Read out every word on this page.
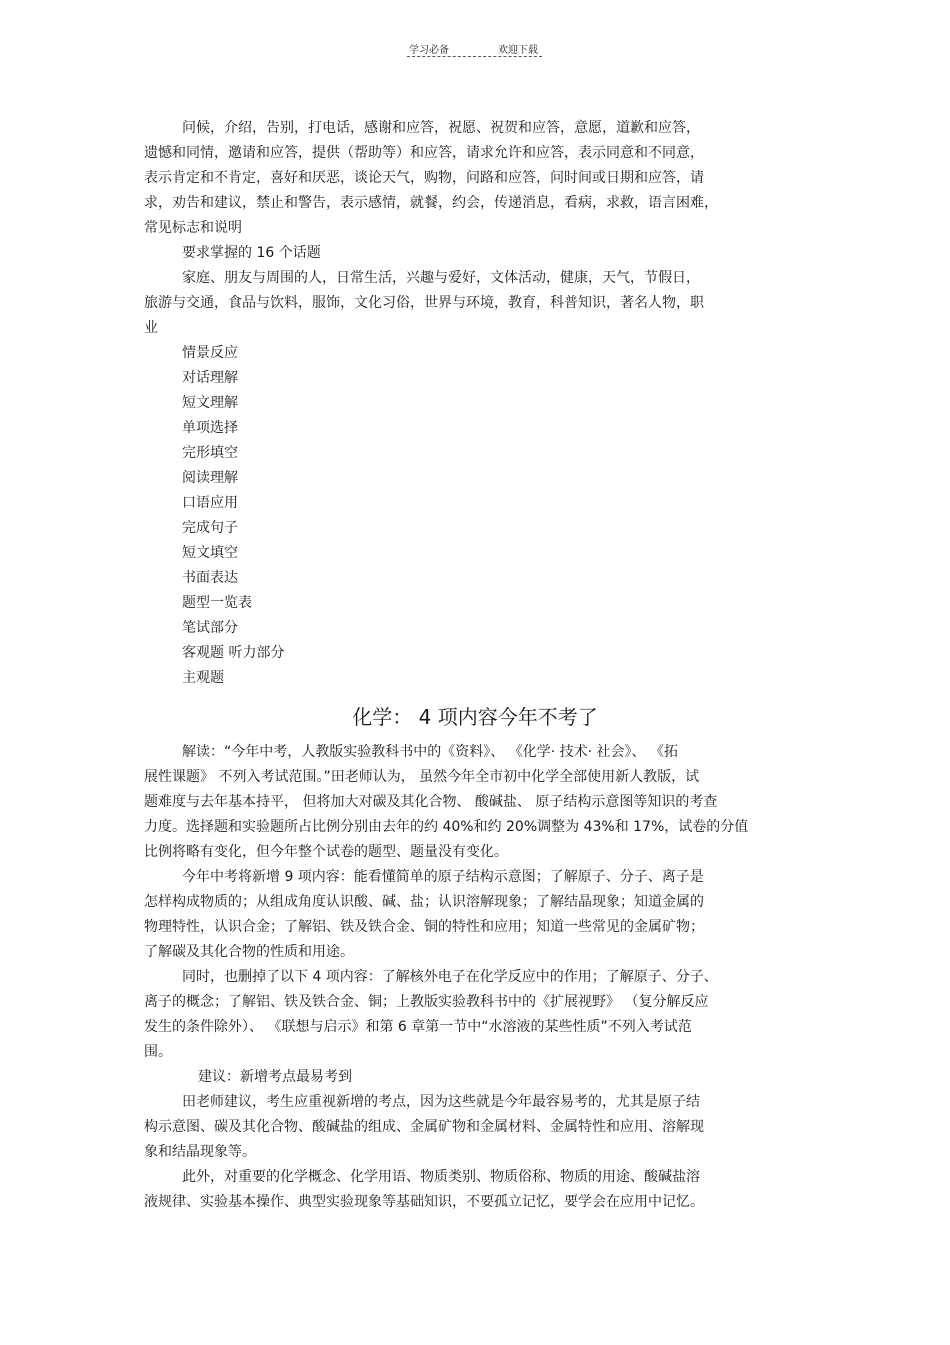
学习必备	欢迎下载
问候，介绍，告别，打电话，感谢和应答，祝愿、祝贺和应答，意愿，道歉和应答，
遗憾和同情，邀请和应答，提供（帮助等）和应答，请求允许和应答，表示同意和不同意，
表示肯定和不肯定，喜好和厌恶，谈论天气，购物，问路和应答，问时间或日期和应答，请
求，劝告和建议，禁止和警告，表示感情，就餐，约会，传递消息，看病，求救，语言困难，
常见标志和说明
要求掌握的 16 个话题
家庭、朋友与周围的人，日常生活，兴趣与爱好，文体活动，健康，天气，节假日，
旅游与交通，食品与饮料，服饰，文化习俗，世界与环境，教育，科普知识，著名人物，职
业
情景反应
对话理解
短文理解
单项选择
完形填空
阅读理解
口语应用
完成句子
短文填空
书面表达
题型一览表
笔试部分
客观题 听力部分
主观题
解读：“今年中考，人教版实验教科书中的《资料》、 《化学· 技术· 社会》、 《拓
展性课题》 不列入考试范围。”田老师认为， 虽然今年全市初中化学全部使用新人教版，试
题难度与去年基本持平， 但将加大对碳及其化合物、 酸碱盐、 原子结构示意图等知识的考查
力度。选择题和实验题所占比例分别由去年的约 40%和约 20%调整为 43%和 17%，试卷的分值
比例将略有变化，但今年整个试卷的题型、题量没有变化。
今年中考将新增 9 项内容：能看懂简单的原子结构示意图；了解原子、分子、离子是
怎样构成物质的；从组成角度认识酸、碱、盐；认识溶解现象；了解结晶现象；知道金属的
物理特性，认识合金；了解铝、铁及铁合金、铜的特性和应用；知道一些常见的金属矿物；
了解碳及其化合物的性质和用途。
同时，也删掉了以下 4 项内容：了解核外电子在化学反应中的作用；了解原子、分子、
离子的概念；了解铝、铁及铁合金、铜；上教版实验教科书中的《扩展视野》 （复分解反应
发生的条件除外）、 《联想与启示》和第 6 章第一节中“水溶液的某些性质”不列入考试范
围。
建议：新增考点最易考到
田老师建议，考生应重视新增的考点，因为这些就是今年最容易考的，尤其是原子结
构示意图、碳及其化合物、酸碱盐的组成、金属矿物和金属材料、金属特性和应用、溶解现
象和结晶现象等。
此外，对重要的化学概念、化学用语、物质类别、物质俗称、物质的用途、酸碱盐溶
液规律、实验基本操作、典型实验现象等基础知识，不要孤立记忆，要学会在应用中记忆。
化学： 4 项内容今年不考了
